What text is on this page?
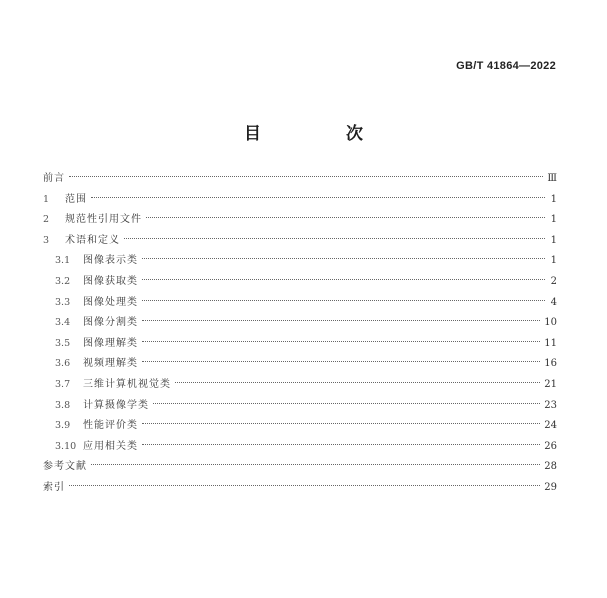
GB/T 41864—2022
目　次
前言	Ⅲ
1	范围	1
2	规范性引用文件	1
3	术语和定义	1
3.1	图像表示类	1
3.2	图像获取类	2
3.3	图像处理类	4
3.4	图像分割类	10
3.5	图像理解类	11
3.6	视频理解类	16
3.7	三维计算机视觉类	21
3.8	计算摄像学类	23
3.9	性能评价类	24
3.10 应用相关类	26
参考文献	28
索引	29
